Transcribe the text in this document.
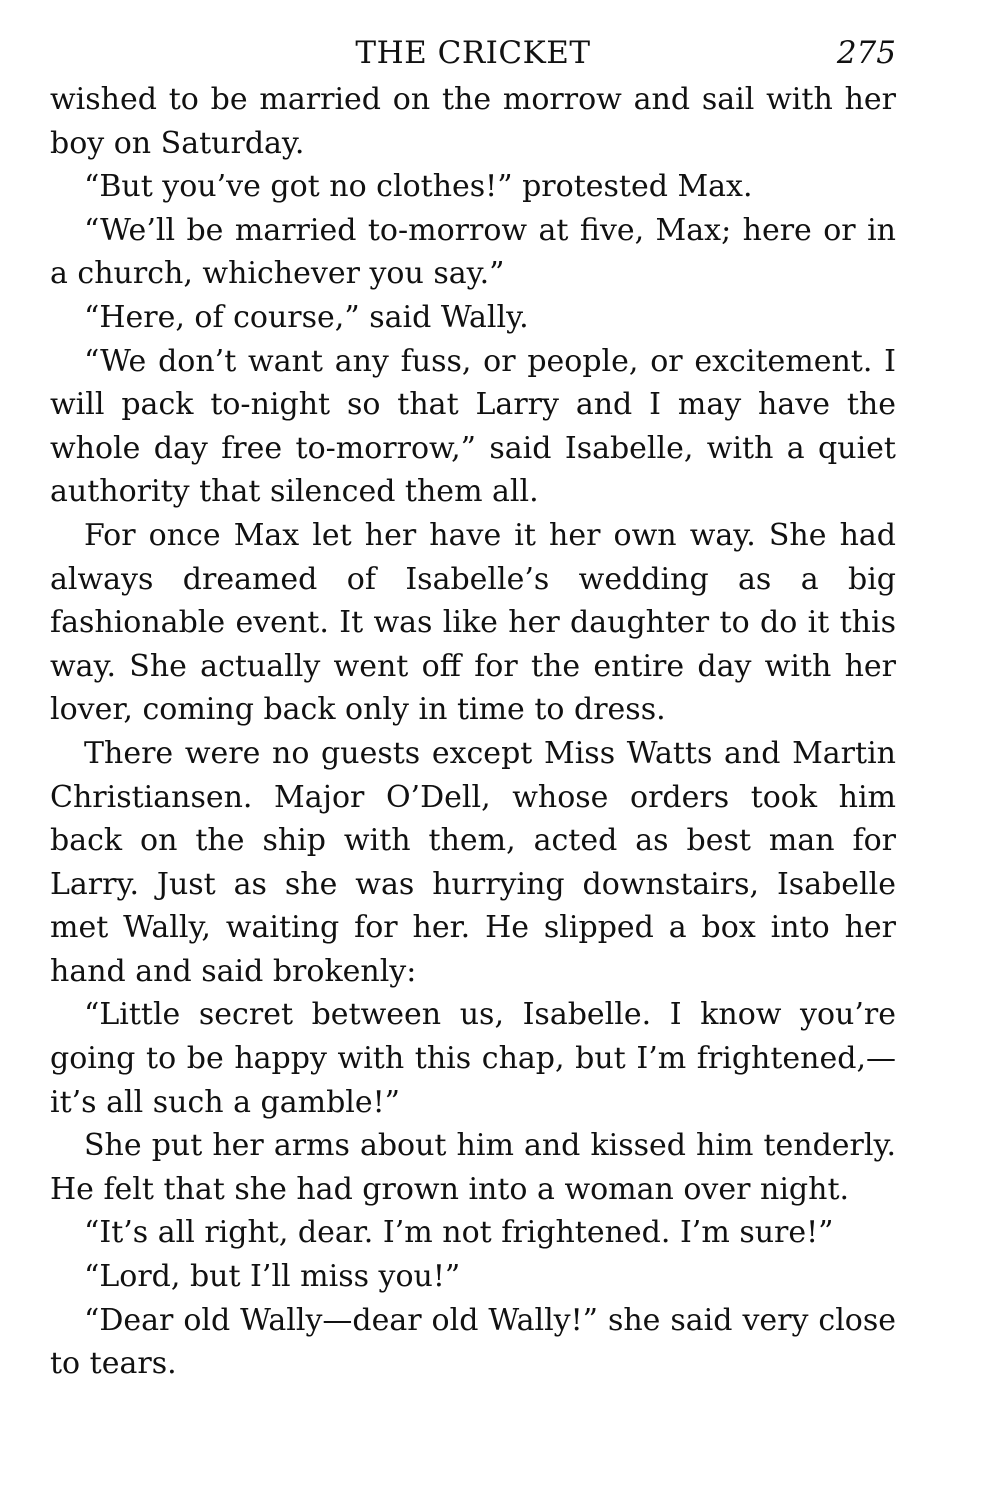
THE CRICKET	275

wished to be married on the morrow and sail with her boy on Saturday.

“But you’ve got no clothes!” protested Max.

“We’ll be married to-morrow at five, Max; here or in a church, whichever you say.”

“Here, of course,” said Wally.

“We don’t want any fuss, or people, or excitement. I will pack to-night so that Larry and I may have the whole day free to-morrow,” said Isabelle, with a quiet authority that silenced them all.

For once Max let her have it her own way. She had always dreamed of Isabelle’s wedding as a big fashionable event. It was like her daughter to do it this way. She actually went off for the entire day with her lover, coming back only in time to dress.

There were no guests except Miss Watts and Martin Christiansen. Major O’Dell, whose orders took him back on the ship with them, acted as best man for Larry. Just as she was hurrying downstairs, Isabelle met Wally, waiting for her. He slipped a box into her hand and said brokenly:

“Little secret between us, Isabelle. I know you’re going to be happy with this chap, but I’m frightened,—it’s all such a gamble!”

She put her arms about him and kissed him tenderly. He felt that she had grown into a woman over night.

“It’s all right, dear. I’m not frightened. I’m sure!”

“Lord, but I’ll miss you!”

“Dear old Wally—dear old Wally!” she said very close to tears.
